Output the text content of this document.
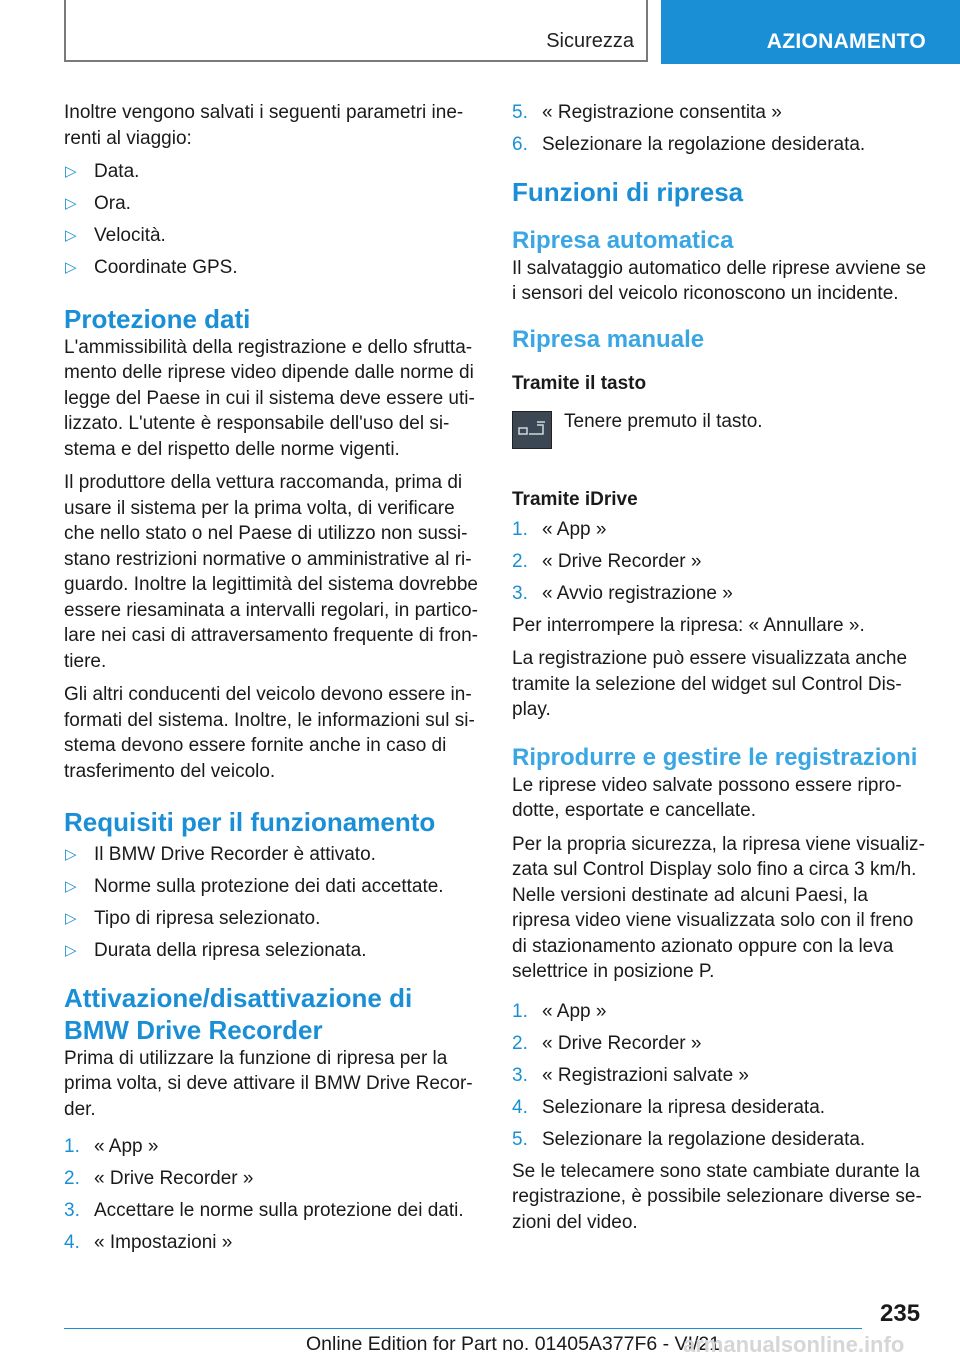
Sicurezza	AZIONAMENTO

Inoltre vengono salvati i seguenti parametri inerenti al viaggio:

▷ Data.
▷ Ora.
▷ Velocità.
▷ Coordinate GPS.
Protezione dati

L'ammissibilità della registrazione e dello sfruttamento delle riprese video dipende dalle norme di legge del Paese in cui il sistema deve essere utilizzato. L'utente è responsabile dell'uso del sistema e del rispetto delle norme vigenti.

Il produttore della vettura raccomanda, prima di usare il sistema per la prima volta, di verificare che nello stato o nel Paese di utilizzo non sussistano restrizioni normative o amministrative al riguardo. Inoltre la legittimità del sistema dovrebbe essere riesaminata a intervalli regolari, in particolare nei casi di attraversamento frequente di frontiere.

Gli altri conducenti del veicolo devono essere informati del sistema. Inoltre, le informazioni sul sistema devono essere fornite anche in caso di trasferimento del veicolo.

Requisiti per il funzionamento
▷ Il BMW Drive Recorder è attivato.
▷ Norme sulla protezione dei dati accettate.
▷ Tipo di ripresa selezionato.
▷ Durata della ripresa selezionata.
Attivazione/disattivazione di BMW Drive Recorder

Prima di utilizzare la funzione di ripresa per la prima volta, si deve attivare il BMW Drive Recorder.

1. « App »
2. « Drive Recorder »
3. Accettare le norme sulla protezione dei dati.
4. « Impostazioni »
5. « Registrazione consentita »
6. Selezionare la regolazione desiderata.
Funzioni di ripresa
Ripresa automatica

Il salvataggio automatico delle riprese avviene se i sensori del veicolo riconoscono un incidente.

Ripresa manuale
Tramite il tasto

Tenere premuto il tasto.

Tramite iDrive
1. « App »
2. « Drive Recorder »
3. « Avvio registrazione »

Per interrompere la ripresa: « Annullare ».

La registrazione può essere visualizzata anche tramite la selezione del widget sul Control Display.

Riprodurre e gestire le registrazioni

Le riprese video salvate possono essere riprodotte, esportate e cancellate.

Per la propria sicurezza, la ripresa viene visualizzata sul Control Display solo fino a circa 3 km/h. Nelle versioni destinate ad alcuni Paesi, la ripresa video viene visualizzata solo con il freno di stazionamento azionato oppure con la leva selettrice in posizione P.

1. « App »
2. « Drive Recorder »
3. « Registrazioni salvate »
4. Selezionare la ripresa desiderata.
5. Selezionare la regolazione desiderata.

Se le telecamere sono state cambiate durante la registrazione, è possibile selezionare diverse sezioni del video.

235
Online Edition for Part no. 01405A377F6 - VI/21
armanualsonline.info
